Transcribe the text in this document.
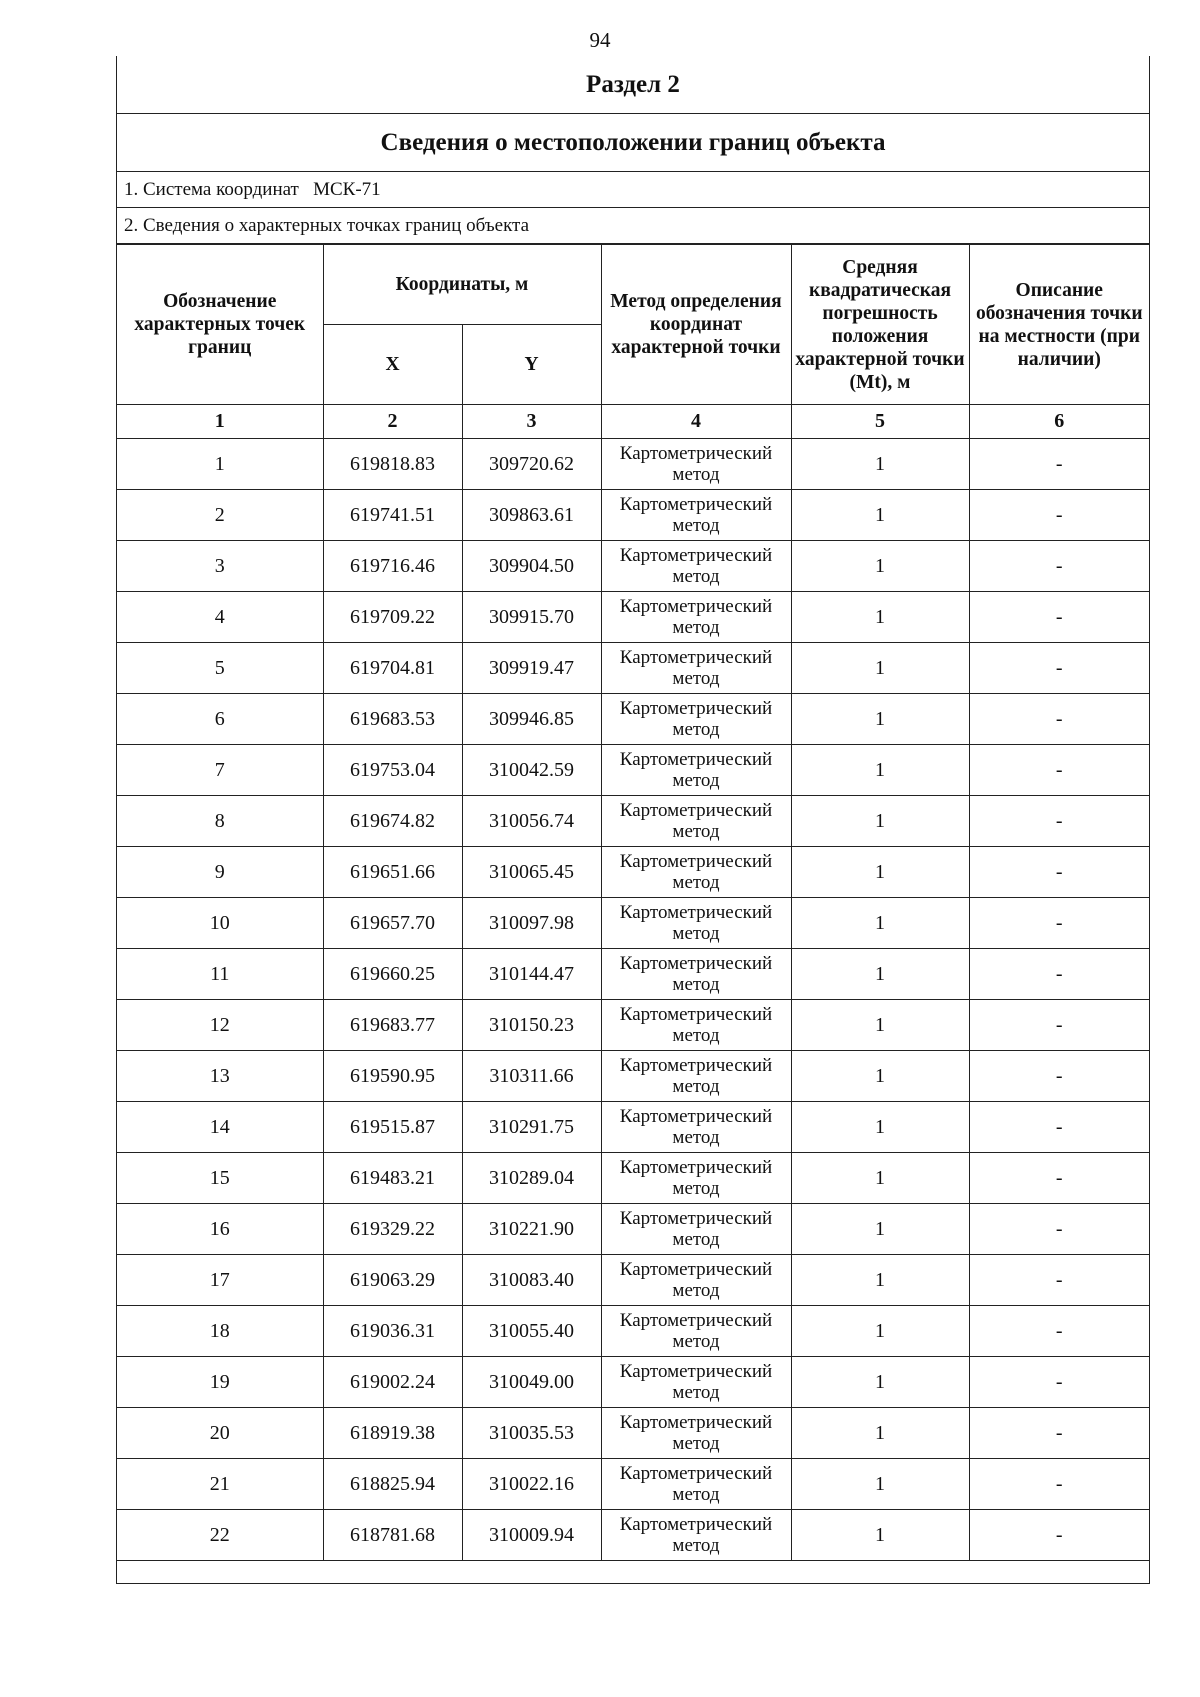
94
Раздел 2
Сведения о местоположении границ объекта
1. Система координат МСК-71
2. Сведения о характерных точках границ объекта
Обозначение характерных точек границ	Координаты, м		Метод определения координат характерной точки	Средняя квадратическая погрешность положения характерной точки (Mt), м	Описание обозначения точки на местности (при наличии)
	X	Y			
1	2	3	4	5	6
1	619818.83	309720.62	Картометрический метод	1	-
2	619741.51	309863.61	Картометрический метод	1	-
3	619716.46	309904.50	Картометрический метод	1	-
4	619709.22	309915.70	Картометрический метод	1	-
5	619704.81	309919.47	Картометрический метод	1	-
6	619683.53	309946.85	Картометрический метод	1	-
7	619753.04	310042.59	Картометрический метод	1	-
8	619674.82	310056.74	Картометрический метод	1	-
9	619651.66	310065.45	Картометрический метод	1	-
10	619657.70	310097.98	Картометрический метод	1	-
11	619660.25	310144.47	Картометрический метод	1	-
12	619683.77	310150.23	Картометрический метод	1	-
13	619590.95	310311.66	Картометрический метод	1	-
14	619515.87	310291.75	Картометрический метод	1	-
15	619483.21	310289.04	Картометрический метод	1	-
16	619329.22	310221.90	Картометрический метод	1	-
17	619063.29	310083.40	Картометрический метод	1	-
18	619036.31	310055.40	Картометрический метод	1	-
19	619002.24	310049.00	Картометрический метод	1	-
20	618919.38	310035.53	Картометрический метод	1	-
21	618825.94	310022.16	Картометрический метод	1	-
22	618781.68	310009.94	Картометрический метод	1	-
